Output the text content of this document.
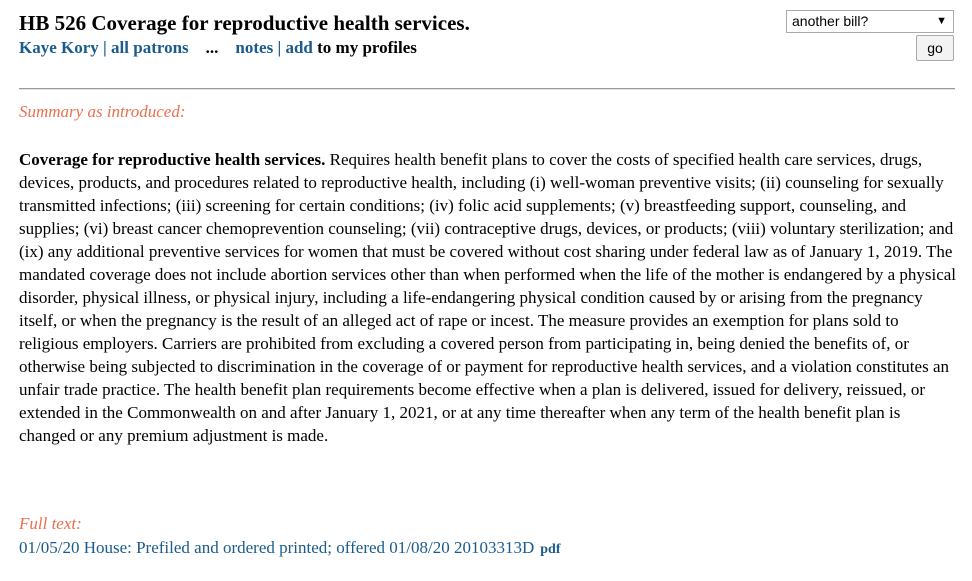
HB 526 Coverage for reproductive health services.
Kaye Kory | all patrons ... notes | add to my profiles
another bill?	▼
go
Summary as introduced:
Coverage for reproductive health services. Requires health benefit plans to cover the costs of specified health care services, drugs, devices, products, and procedures related to reproductive health, including (i) well-woman preventive visits; (ii) counseling for sexually transmitted infections; (iii) screening for certain conditions; (iv) folic acid supplements; (v) breastfeeding support, counseling, and supplies; (vi) breast cancer chemoprevention counseling; (vii) contraceptive drugs, devices, or products; (viii) voluntary sterilization; and (ix) any additional preventive services for women that must be covered without cost sharing under federal law as of January 1, 2019. The mandated coverage does not include abortion services other than when performed when the life of the mother is endangered by a physical disorder, physical illness, or physical injury, including a life-endangering physical condition caused by or arising from the pregnancy itself, or when the pregnancy is the result of an alleged act of rape or incest. The measure provides an exemption for plans sold to religious employers. Carriers are prohibited from excluding a covered person from participating in, being denied the benefits of, or otherwise being subjected to discrimination in the coverage of or payment for reproductive health services, and a violation constitutes an unfair trade practice. The health benefit plan requirements become effective when a plan is delivered, issued for delivery, reissued, or extended in the Commonwealth on and after January 1, 2021, or at any time thereafter when any term of the health benefit plan is changed or any premium adjustment is made.
Full text:
01/05/20 House: Prefiled and ordered printed; offered 01/08/20 20103313D pdf
